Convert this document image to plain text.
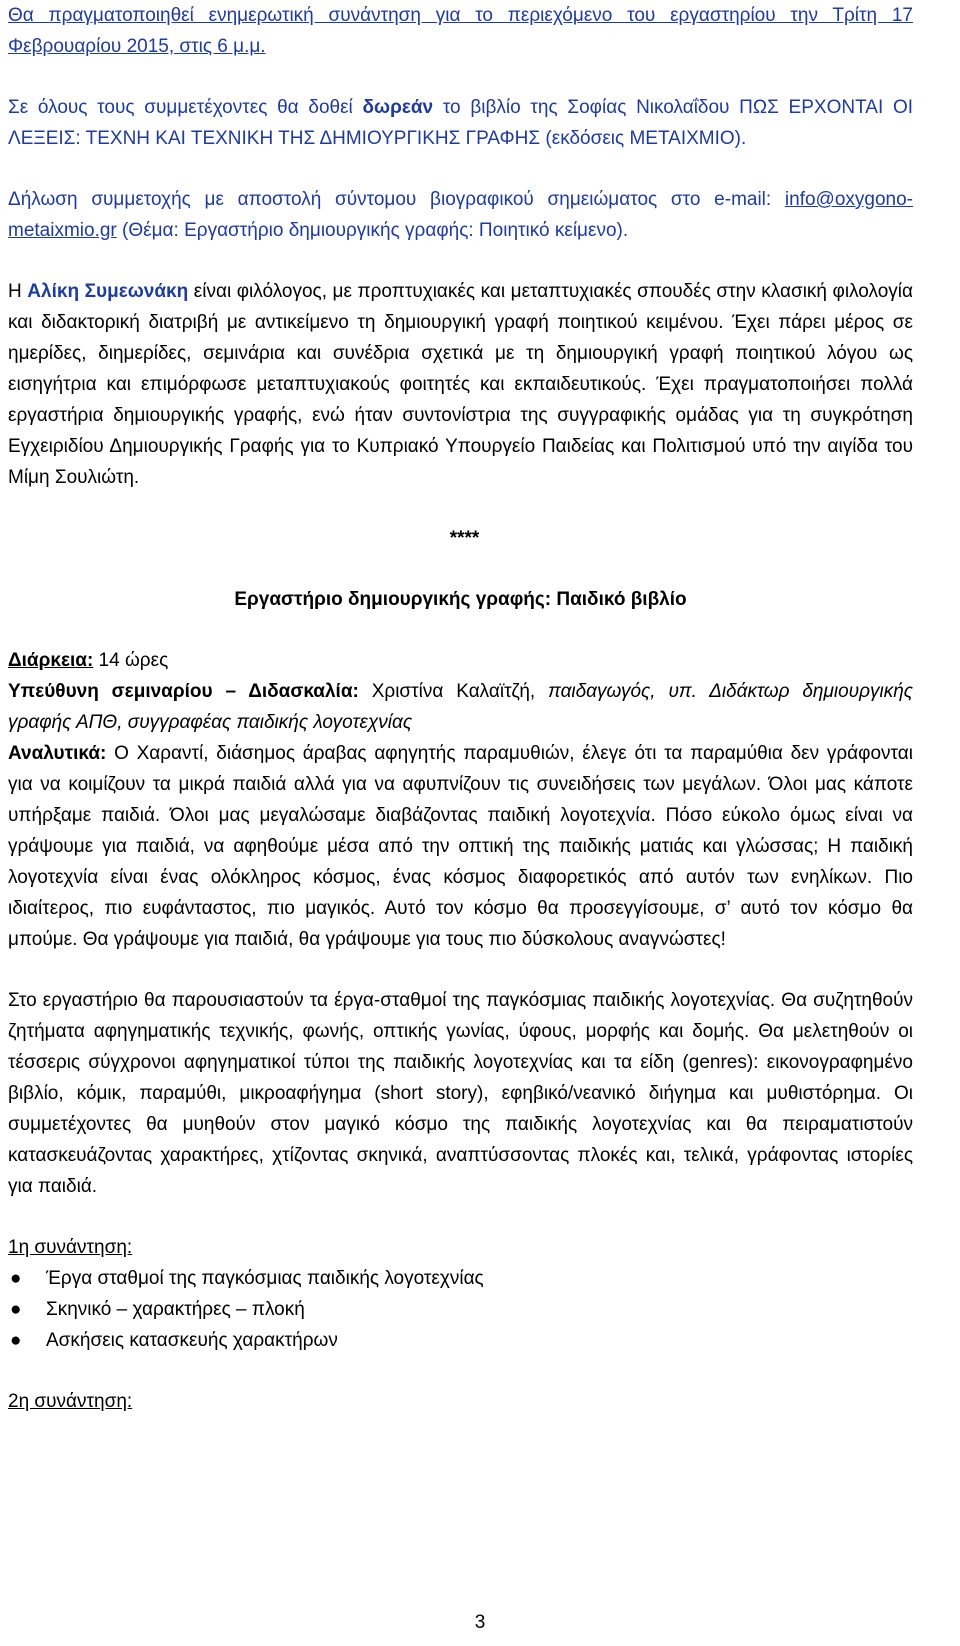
Θα πραγματοποιηθεί ενημερωτική συνάντηση για το περιεχόμενο του εργαστηρίου την Τρίτη 17 Φεβρουαρίου 2015, στις 6 μ.μ.

Σε όλους τους συμμετέχοντες θα δοθεί δωρεάν το βιβλίο της Σοφίας Νικολαΐδου ΠΩΣ ΕΡΧΟΝΤΑΙ ΟΙ ΛΕΞΕΙΣ: ΤΕΧΝΗ ΚΑΙ ΤΕΧΝΙΚΗ ΤΗΣ ΔΗΜΙΟΥΡΓΙΚΗΣ ΓΡΑΦΗΣ (εκδόσεις ΜΕΤΑΙΧΜΙΟ).

Δήλωση συμμετοχής με αποστολή σύντομου βιογραφικού σημειώματος στο e-mail: info@oxygono-metaixmio.gr (Θέμα: Εργαστήριο δημιουργικής γραφής: Ποιητικό κείμενο).

Η Αλίκη Συμεωνάκη είναι φιλόλογος, με προπτυχιακές και μεταπτυχιακές σπουδές στην κλασική φιλολογία και διδακτορική διατριβή με αντικείμενο τη δημιουργική γραφή ποιητικού κειμένου. Έχει πάρει μέρος σε ημερίδες, διημερίδες, σεμινάρια και συνέδρια σχετικά με τη δημιουργική γραφή ποιητικού λόγου ως εισηγήτρια και επιμόρφωσε μεταπτυχιακούς φοιτητές και εκπαιδευτικούς. Έχει πραγματοποιήσει πολλά εργαστήρια δημιουργικής γραφής, ενώ ήταν συντονίστρια της συγγραφικής ομάδας για τη συγκρότηση Εγχειριδίου Δημιουργικής Γραφής για το Κυπριακό Υπουργείο Παιδείας και Πολιτισμού υπό την αιγίδα του Μίμη Σουλιώτη.

****
Εργαστήριο δημιουργικής γραφής: Παιδικό βιβλίο

Διάρκεια: 14 ώρες

Υπεύθυνη σεμιναρίου – Διδασκαλία: Χριστίνα Καλαϊτζή, παιδαγωγός, υπ. Διδάκτωρ δημιουργικής γραφής ΑΠΘ, συγγραφέας παιδικής λογοτεχνίας

Αναλυτικά: Ο Χαραντί, διάσημος άραβας αφηγητής παραμυθιών, έλεγε ότι τα παραμύθια δεν γράφονται για να κοιμίζουν τα μικρά παιδιά αλλά για να αφυπνίζουν τις συνειδήσεις των μεγάλων. Όλοι μας κάποτε υπήρξαμε παιδιά. Όλοι μας μεγαλώσαμε διαβάζοντας παιδική λογοτεχνία. Πόσο εύκολο όμως είναι να γράψουμε για παιδιά, να αφηθούμε μέσα από την οπτική της παιδικής ματιάς και γλώσσας; Η παιδική λογοτεχνία είναι ένας ολόκληρος κόσμος, ένας κόσμος διαφορετικός από αυτόν των ενηλίκων. Πιο ιδιαίτερος, πιο ευφάνταστος, πιο μαγικός. Αυτό τον κόσμο θα προσεγγίσουμε, σ’ αυτό τον κόσμο θα μπούμε. Θα γράψουμε για παιδιά, θα γράψουμε για τους πιο δύσκολους αναγνώστες!

Στο εργαστήριο θα παρουσιαστούν τα έργα-σταθμοί της παγκόσμιας παιδικής λογοτεχνίας. Θα συζητηθούν ζητήματα αφηγηματικής τεχνικής, φωνής, οπτικής γωνίας, ύφους, μορφής και δομής. Θα μελετηθούν οι τέσσερις σύγχρονοι αφηγηματικοί τύποι της παιδικής λογοτεχνίας και τα είδη (genres): εικονογραφημένο βιβλίο, κόμικ, παραμύθι, μικροαφήγημα (short story), εφηβικό/νεανικό διήγημα και μυθιστόρημα. Οι συμμετέχοντες θα μυηθούν στον μαγικό κόσμο της παιδικής λογοτεχνίας και θα πειραματιστούν κατασκευάζοντας χαρακτήρες, χτίζοντας σκηνικά, αναπτύσσοντας πλοκές και, τελικά, γράφοντας ιστορίες για παιδιά.

1η συνάντηση:

● Έργα σταθμοί της παγκόσμιας παιδικής λογοτεχνίας
● Σκηνικό – χαρακτήρες – πλοκή
● Ασκήσεις κατασκευής χαρακτήρων

2η συνάντηση:

3
